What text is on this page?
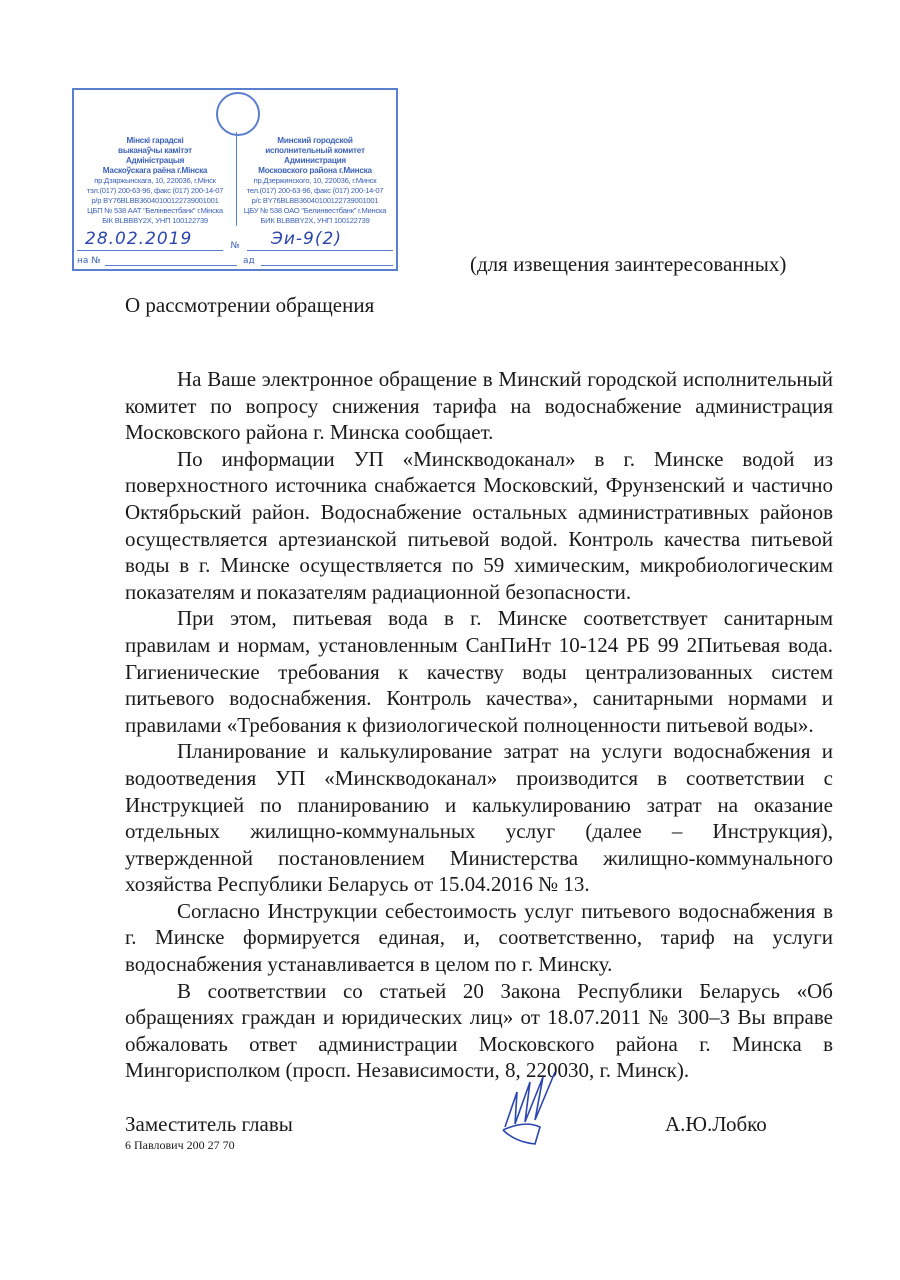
Мінскі гарадскі
выканаўчы камітэт
Адміністрацыя
Маскоўскага раёна г.Мінска
пр.Дзяржынскага, 10, 220036, г.Мінск
тэл.(017) 200-63-96, факс (017) 200-14-07
р/р BY76BLBB36040100122739001001
ЦБП № 538 ААТ "Белінвестбанк" г.Мінска
БІК BLBBBY2X, УНП 100122739
Минский городской
исполнительный комитет
Администрация
Московского района г.Минска
пр.Дзержинского, 10, 220036, г.Минск
тел.(017) 200-63-96, факс (017) 200-14-07
р/с BY76BLBB36040100122739001001
ЦБУ № 538 ОАО "Белинвестбанк" г.Минска
БИК BLBBBY2X, УНП 100122739
28.02.2019	№	Эи-9(2)
на №	ад	(для извещения заинтересованных)
О рассмотрении обращения

На Ваше электронное обращение в Минский городской исполнительный комитет по вопросу снижения тарифа на водоснабжение администрация Московского района г. Минска сообщает.

По информации УП «Минскводоканал» в г. Минске водой из поверхностного источника снабжается Московский, Фрунзенский и частично Октябрьский район. Водоснабжение остальных административных районов осуществляется артезианской питьевой водой. Контроль качества питьевой воды в г. Минске осуществляется по 59 химическим, микробиологическим показателям и показателям радиационной безопасности.

При этом, питьевая вода в г. Минске соответствует санитарным правилам и нормам, установленным СанПиНт 10-124 РБ 99 2Питьевая вода. Гигиенические требования к качеству воды централизованных систем питьевого водоснабжения. Контроль качества», санитарными нормами и правилами «Требования к физиологической полноценности питьевой воды».

Планирование и калькулирование затрат на услуги водоснабжения и водоотведения УП «Минскводоканал» производится в соответствии с Инструкцией по планированию и калькулированию затрат на оказание отдельных жилищно-коммунальных услуг (далее – Инструкция), утвержденной постановлением Министерства жилищно-коммунального хозяйства Республики Беларусь от 15.04.2016 № 13.

Согласно Инструкции себестоимость услуг питьевого водоснабжения в г. Минске формируется единая, и, соответственно, тариф на услуги водоснабжения устанавливается в целом по г. Минску.

В соответствии со статьей 20 Закона Республики Беларусь «Об обращениях граждан и юридических лиц» от 18.07.2011 № 300–З Вы вправе обжаловать ответ администрации Московского района г. Минска в Мингорисполком (просп. Независимости, 8, 220030, г. Минск).

Заместитель главы
6 Павлович 200 27 70
А.Ю.Лобко
